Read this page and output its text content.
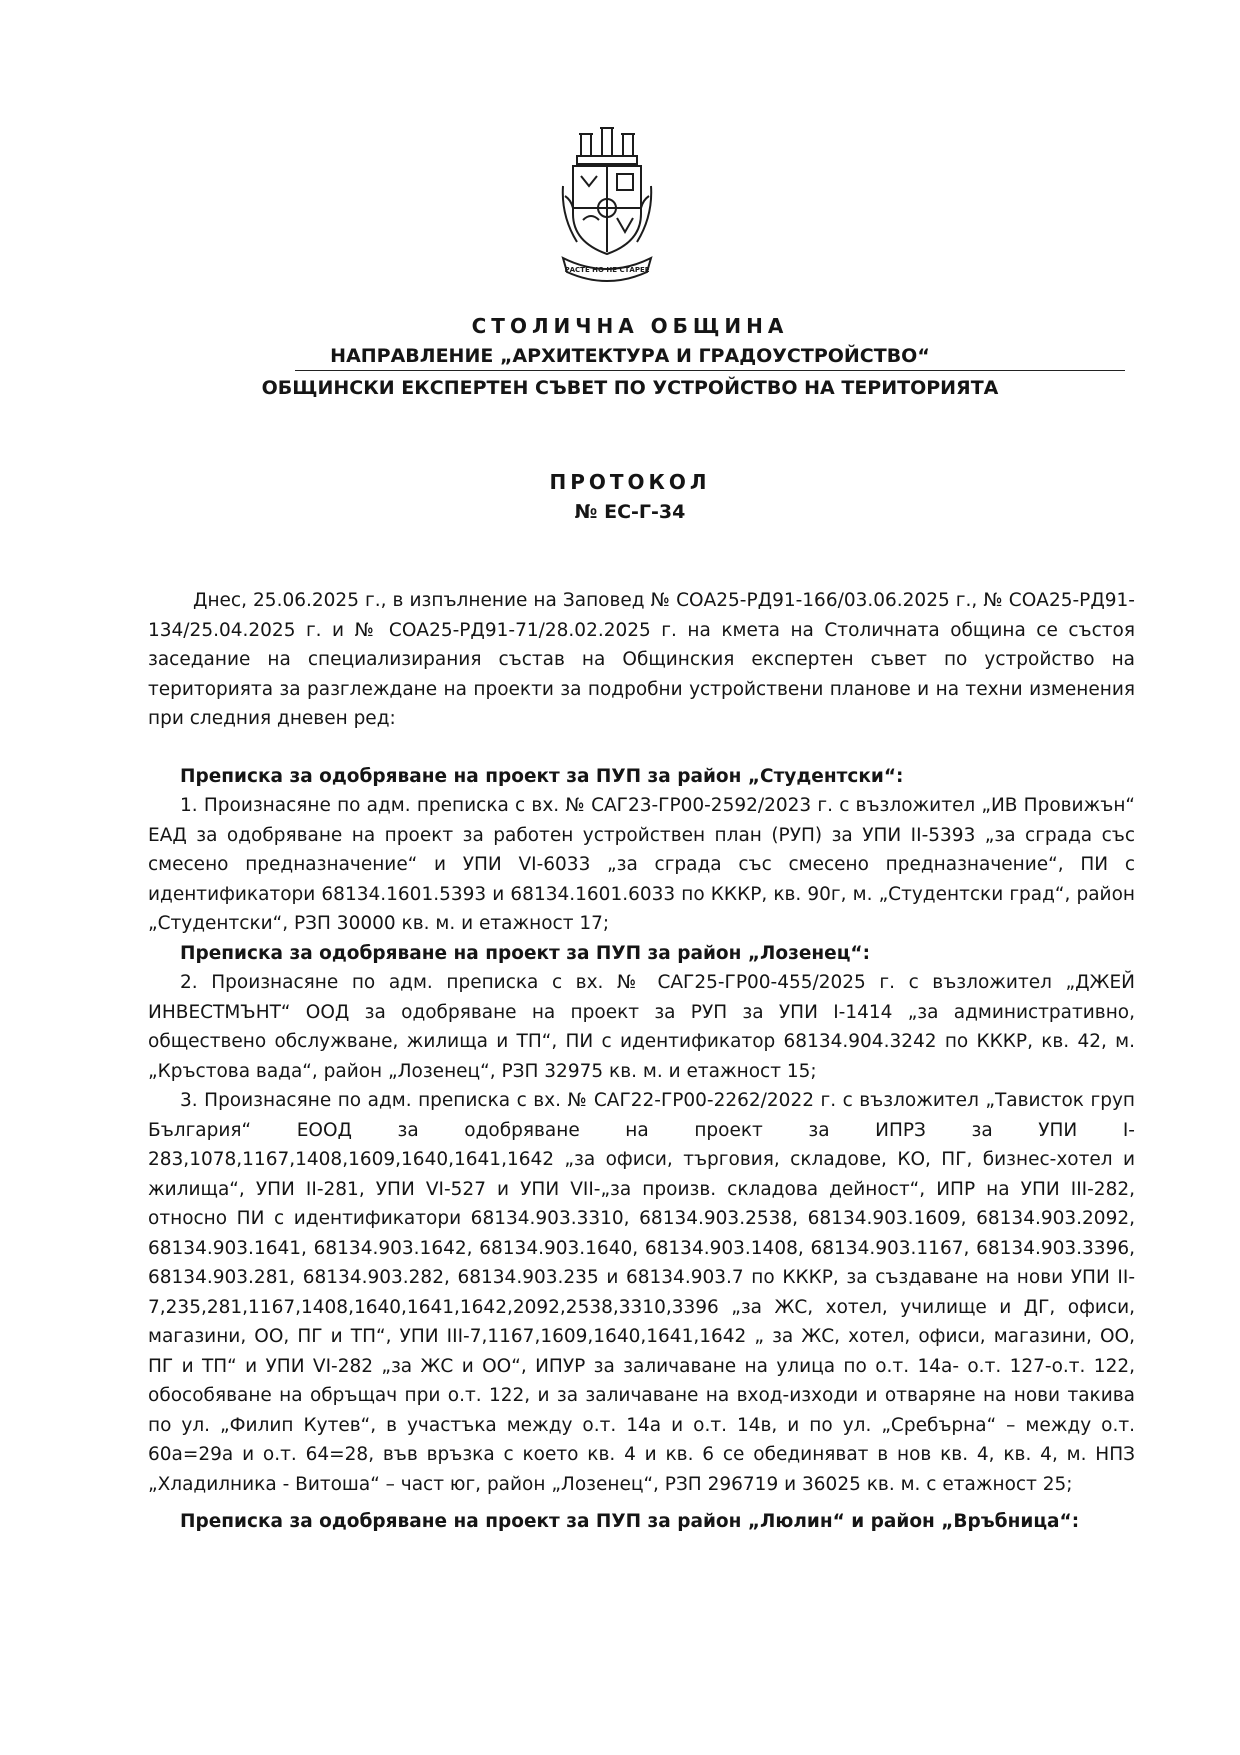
РАСТЕ НО НЕ СТАРЕЕ
СТОЛИЧНА ОБЩИНА
НАПРАВЛЕНИЕ „АРХИТЕКТУРА И ГРАДОУСТРОЙСТВО“
ОБЩИНСКИ ЕКСПЕРТЕН СЪВЕТ ПО УСТРОЙСТВО НА ТЕРИТОРИЯТА
ПРОТОКОЛ
№ ЕС-Г-34

Днес, 25.06.2025 г., в изпълнение на Заповед № СОА25-РД91-166/03.06.2025 г., № СОА25-РД91-134/25.04.2025 г. и № СОА25-РД91-71/28.02.2025 г. на кмета на Столичната община се състоя заседание на специализирания състав на Общинския експертен съвет по устройство на територията за разглеждане на проекти за подробни устройствени планове и на техни изменения при следния дневен ред:

Преписка за одобряване на проект за ПУП за район „Студентски“:

1. Произнасяне по адм. преписка с вх. № САГ23-ГР00-2592/2023 г. с възложител „ИВ Провижън“ ЕАД за одобряване на проект за работен устройствен план (РУП) за УПИ II-5393 „за сграда със смесено предназначение“ и УПИ VI-6033 „за сграда със смесено предназначение“, ПИ с идентификатори 68134.1601.5393 и 68134.1601.6033 по КККР, кв. 90г, м. „Студентски град“, район „Студентски“, РЗП 30000 кв. м. и етажност 17;

Преписка за одобряване на проект за ПУП за район „Лозенец“:

2. Произнасяне по адм. преписка с вх. № САГ25-ГР00-455/2025 г. с възложител „ДЖЕЙ ИНВЕСТМЪНТ“ ООД за одобряване на проект за РУП за УПИ I-1414 „за административно, обществено обслужване, жилища и ТП“, ПИ с идентификатор 68134.904.3242 по КККР, кв. 42, м. „Кръстова вада“, район „Лозенец“, РЗП 32975 кв. м. и етажност 15;

3. Произнасяне по адм. преписка с вх. № САГ22-ГР00-2262/2022 г. с възложител „Тависток груп България“ ЕООД за одобряване на проект за ИПРЗ за УПИ I-283,1078,1167,1408,1609,1640,1641,1642 „за офиси, търговия, складове, КО, ПГ, бизнес-хотел и жилища“, УПИ II-281, УПИ VI-527 и УПИ VII-„за произв. складова дейност“, ИПР на УПИ III-282, относно ПИ с идентификатори 68134.903.3310, 68134.903.2538, 68134.903.1609, 68134.903.2092, 68134.903.1641, 68134.903.1642, 68134.903.1640, 68134.903.1408, 68134.903.1167, 68134.903.3396, 68134.903.281, 68134.903.282, 68134.903.235 и 68134.903.7 по КККР, за създаване на нови УПИ II-7,235,281,1167,1408,1640,1641,1642,2092,2538,3310,3396 „за ЖС, хотел, училище и ДГ, офиси, магазини, ОО, ПГ и ТП“, УПИ III-7,1167,1609,1640,1641,1642 „ за ЖС, хотел, офиси, магазини, ОО, ПГ и ТП“ и УПИ VI-282 „за ЖС и ОО“, ИПУР за заличаване на улица по о.т. 14а- о.т. 127-о.т. 122, обособяване на обръщач при о.т. 122, и за заличаване на вход-изходи и отваряне на нови такива по ул. „Филип Кутев“, в участъка между о.т. 14а и о.т. 14в, и по ул. „Сребърна“ – между о.т. 60а=29а и о.т. 64=28, във връзка с което кв. 4 и кв. 6 се обединяват в нов кв. 4, кв. 4, м. НПЗ „Хладилника - Витоша“ – част юг, район „Лозенец“, РЗП 296719 и 36025 кв. м. с етажност 25;

Преписка за одобряване на проект за ПУП за район „Люлин“ и район „Връбница“:
